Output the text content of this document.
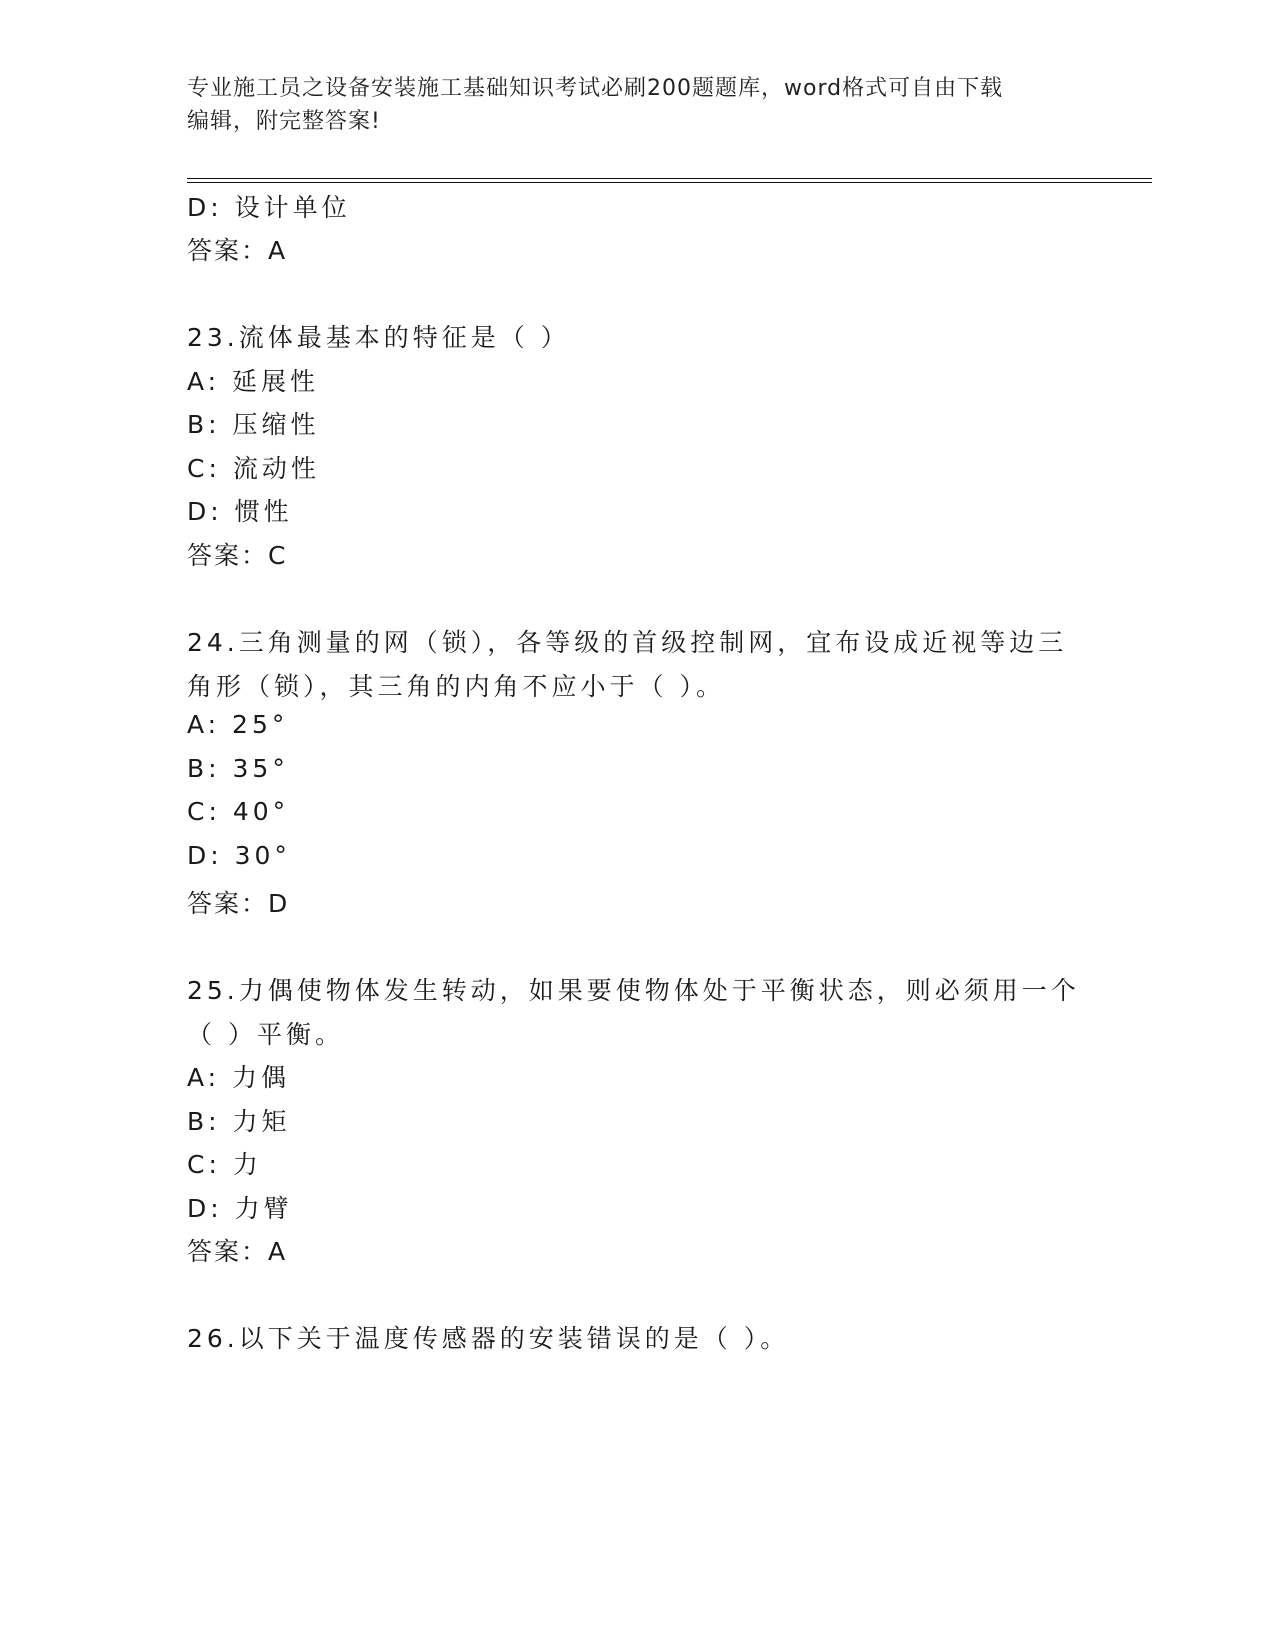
专业施工员之设备安装施工基础知识考试必刷200题题库，word格式可自由下载
编辑，附完整答案!
D: 设计单位
答案：A
23.流体最基本的特征是（ ）
A: 延展性
B: 压缩性
C: 流动性
D: 惯性
答案：C
24.三角测量的网（锁），各等级的首级控制网，宜布设成近视等边三
角形（锁），其三角的内角不应小于（ ）。
A: 25°
B: 35°
C: 40°
D: 30°
答案：D
25.力偶使物体发生转动，如果要使物体处于平衡状态，则必须用一个
（ ）平衡。
A: 力偶
B: 力矩
C: 力
D: 力臂
答案：A
26.以下关于温度传感器的安装错误的是（ ）。
